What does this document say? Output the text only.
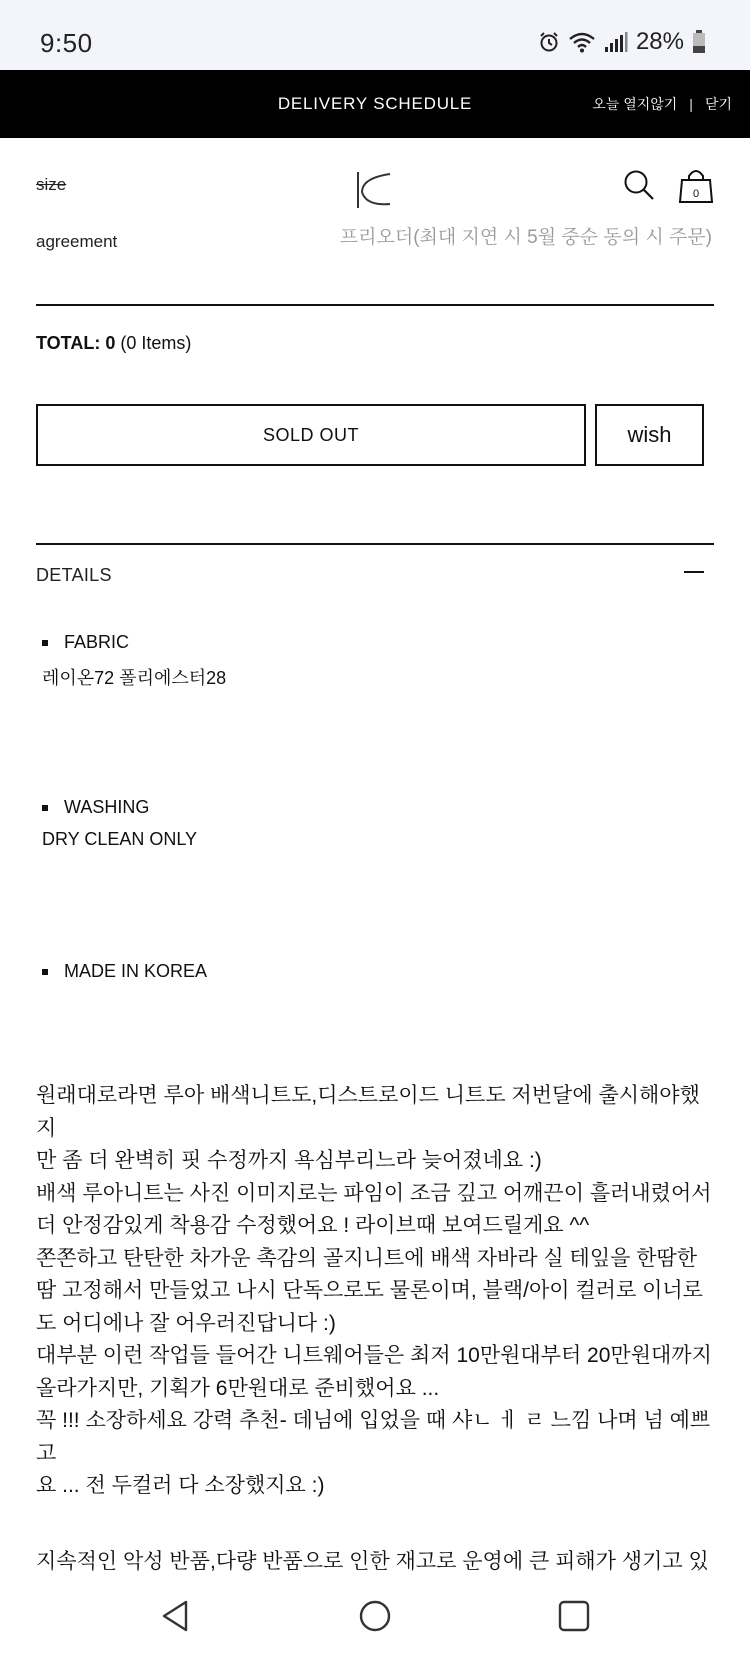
9:50	28%
DELIVERY SCHEDULE	오늘 열지않기 | 닫기
size	0
agreement	프리오더(최대 지연 시 5월 중순 동의 시 주문)
TOTAL: 0 (0 Items)
SOLD OUT	wish
DETAILS
FABRIC
레이온72 폴리에스터28
WASHING
DRY CLEAN ONLY
MADE IN KOREA

원래대로라면 루아 배색니트도,디스트로이드 니트도 저번달에 출시해야했지

만 좀 더 완벽히 핏 수정까지 욕심부리느라 늦어졌네요 :)

배색 루아니트는 사진 이미지로는 파임이 조금 깊고 어깨끈이 흘러내렸어서

더 안정감있게 착용감 수정했어요 ! 라이브때 보여드릴게요 ^^

쫀쫀하고 탄탄한 차가운 촉감의 골지니트에 배색 자바라 실 테잎을 한땀한

땀 고정해서 만들었고 나시 단독으로도 물론이며, 블랙/아이 컬러로 이너로

도 어디에나 잘 어우러진답니다 :)

대부분 이런 작업들 들어간 니트웨어들은 최저 10만원대부터 20만원대까지

올라가지만, 기획가 6만원대로 준비했어요 ...

꼭 !!! 소장하세요 강력 추천- 데님에 입었을 때 샤ㄴ ㅔ ㄹ 느낌 나며 넘 예쁘고

요 ... 전 두컬러 다 소장했지요 :)

지속적인 악성 반품,다량 반품으로 인한 재고로 운영에 큰 피해가 생기고 있
